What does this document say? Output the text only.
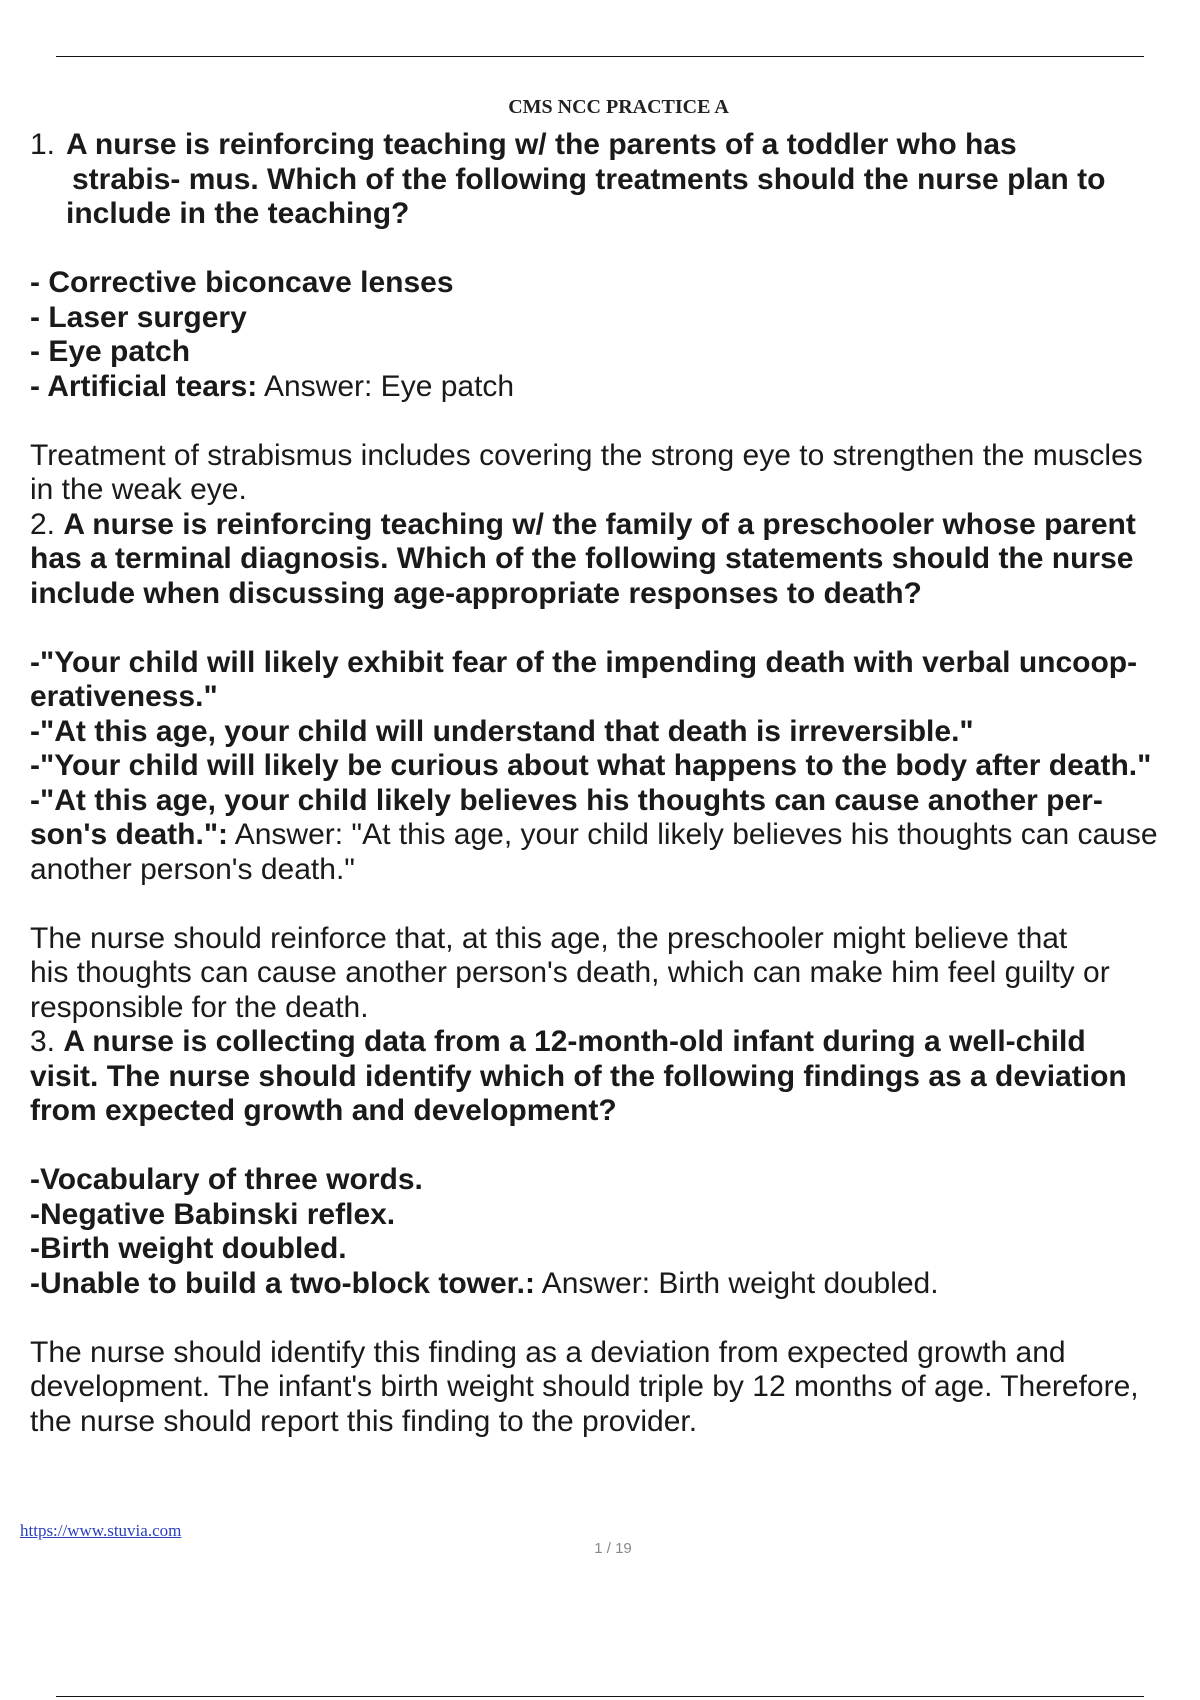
CMS NCC PRACTICE A
1. A nurse is reinforcing teaching w/ the parents of a toddler who has
strabis- mus. Which of the following treatments should the nurse plan to
include in the teaching?
- Corrective biconcave lenses
- Laser surgery
- Eye patch
- Artificial tears: Answer: Eye patch
Treatment of strabismus includes covering the strong eye to strengthen the muscles
in the weak eye.
2. A nurse is reinforcing teaching w/ the family of a preschooler whose parent
has a terminal diagnosis. Which of the following statements should the nurse
include when discussing age-appropriate responses to death?
-"Your child will likely exhibit fear of the impending death with verbal uncoop-
erativeness."
-"At this age, your child will understand that death is irreversible."
-"Your child will likely be curious about what happens to the body after death."
-"At this age, your child likely believes his thoughts can cause another per-
son's death.": Answer: "At this age, your child likely believes his thoughts can cause
another person's death."
The nurse should reinforce that, at this age, the preschooler might believe that
his thoughts can cause another person's death, which can make him feel guilty or
responsible for the death.
3. A nurse is collecting data from a 12-month-old infant during a well-child
visit. The nurse should identify which of the following findings as a deviation
from expected growth and development?
-Vocabulary of three words.
-Negative Babinski reflex.
-Birth weight doubled.
-Unable to build a two-block tower.: Answer: Birth weight doubled.
The nurse should identify this finding as a deviation from expected growth and
development. The infant's birth weight should triple by 12 months of age. Therefore,
the nurse should report this finding to the provider.
https://www.stuvia.com
1 / 19
